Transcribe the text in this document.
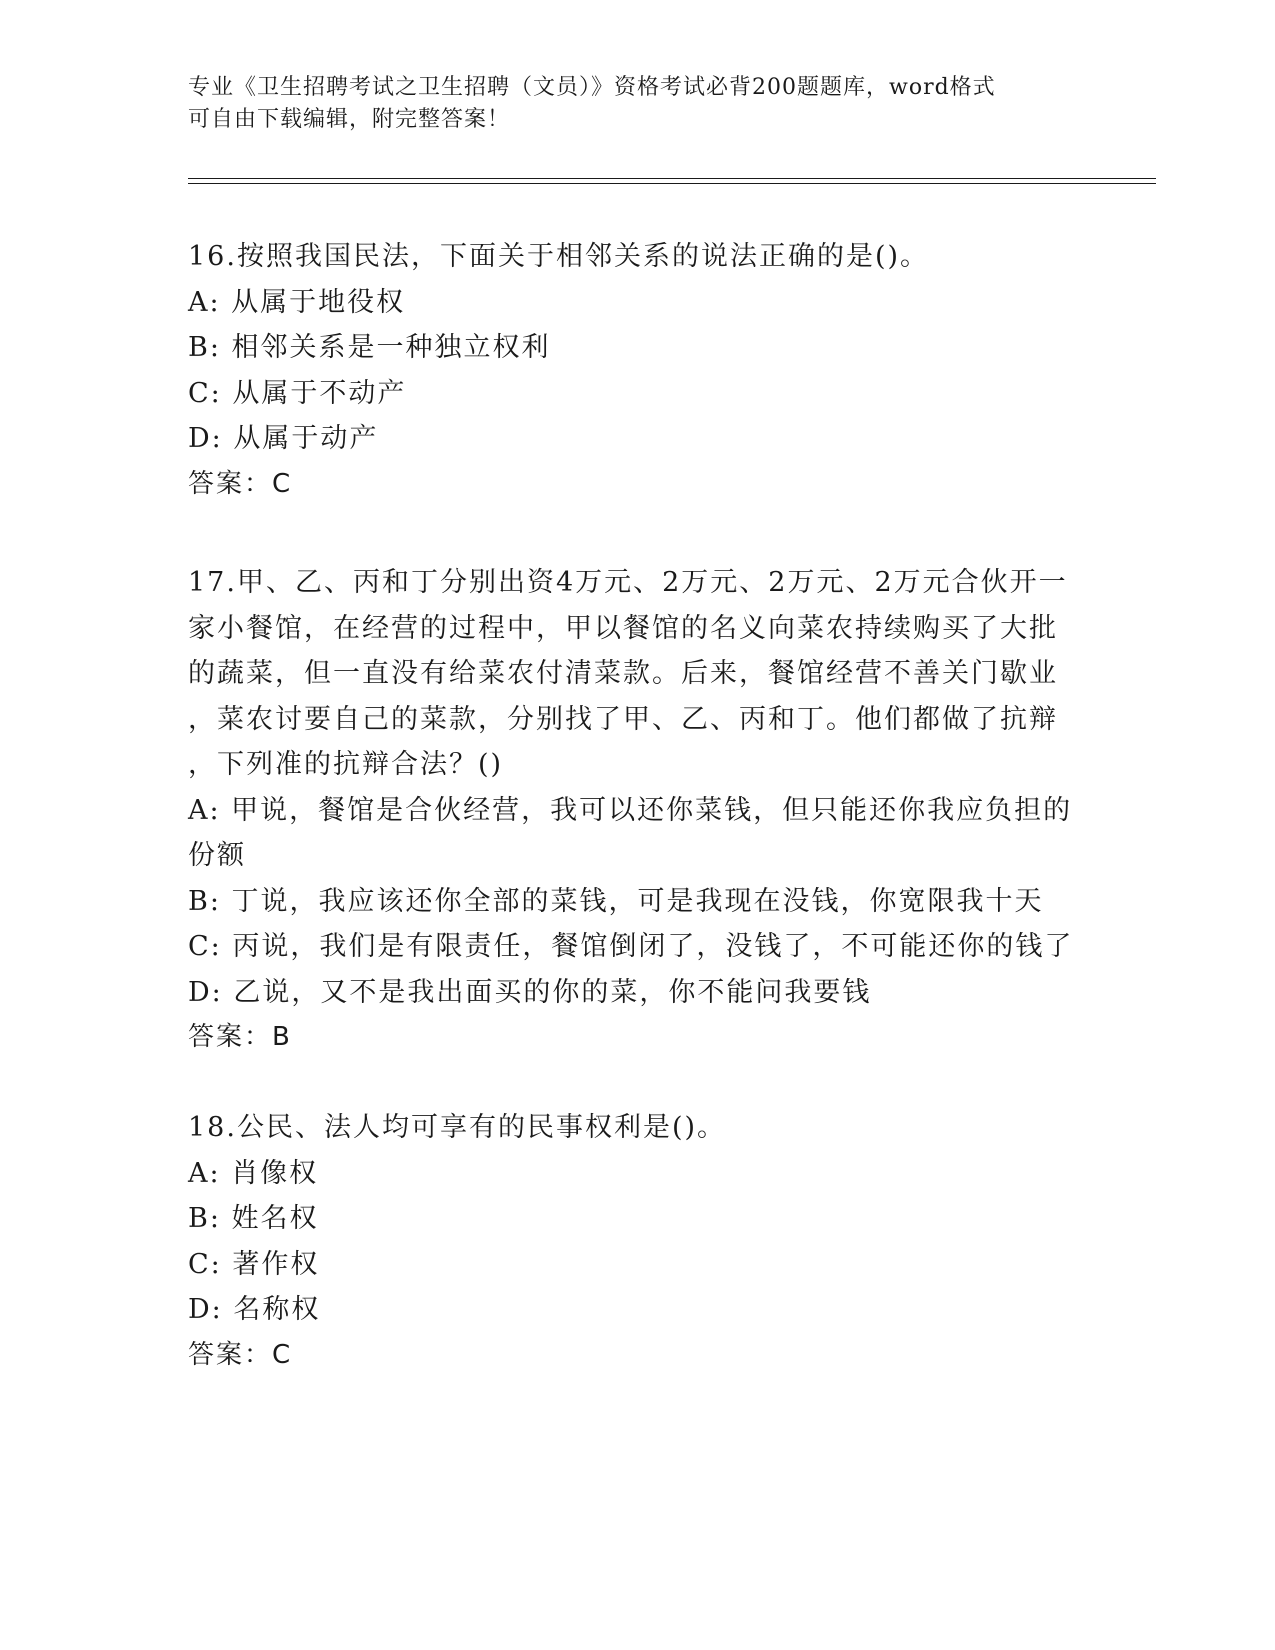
专业《卫生招聘考试之卫生招聘（文员）》资格考试必背200题题库，word格式
可自由下载编辑，附完整答案！
16.按照我国民法，下面关于相邻关系的说法正确的是()。
A: 从属于地役权
B: 相邻关系是一种独立权利
C: 从属于不动产
D: 从属于动产
答案：C
17.甲、乙、丙和丁分别出资4万元、2万元、2万元、2万元合伙开一
家小餐馆，在经营的过程中，甲以餐馆的名义向菜农持续购买了大批
的蔬菜，但一直没有给菜农付清菜款。后来，餐馆经营不善关门歇业
，菜农讨要自己的菜款，分别找了甲、乙、丙和丁。他们都做了抗辩
，下列准的抗辩合法？()
A: 甲说，餐馆是合伙经营，我可以还你菜钱，但只能还你我应负担的
份额
B: 丁说，我应该还你全部的菜钱，可是我现在没钱，你宽限我十天
C: 丙说，我们是有限责任，餐馆倒闭了，没钱了，不可能还你的钱了
D: 乙说，又不是我出面买的你的菜，你不能问我要钱
答案：B
18.公民、法人均可享有的民事权利是()。
A: 肖像权
B: 姓名权
C: 著作权
D: 名称权
答案：C
